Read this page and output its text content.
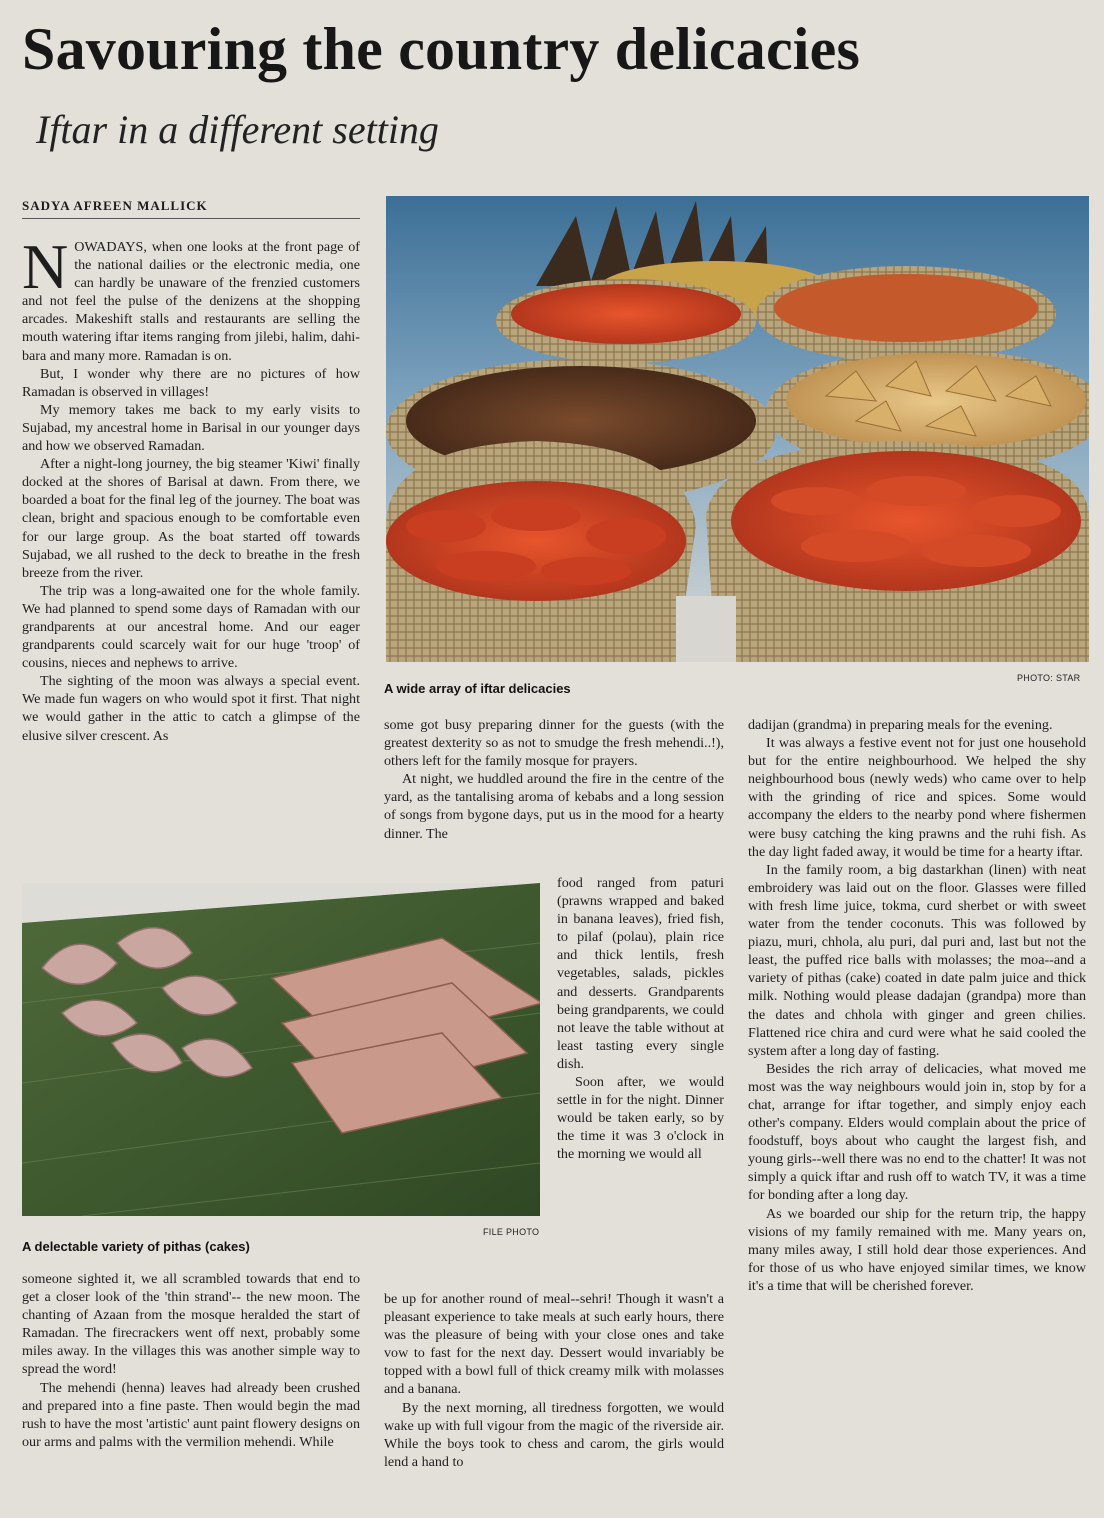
Savouring the country delicacies
Iftar in a different setting
SADYA AFREEN MALLICK
A wide array of iftar delicacies
PHOTO: STAR
A delectable variety of pithas (cakes)
FILE PHOTO

NOWADAYS, when one looks at the front page of the national dailies or the electronic media, one can hardly be unaware of the frenzied customers and not feel the pulse of the denizens at the shopping arcades. Makeshift stalls and restaurants are selling the mouth watering iftar items ranging from jilebi, halim, dahi-bara and many more. Ramadan is on.

But, I wonder why there are no pictures of how Ramadan is observed in villages!

My memory takes me back to my early visits to Sujabad, my ancestral home in Barisal in our younger days and how we observed Ramadan.

After a night-long journey, the big steamer 'Kiwi' finally docked at the shores of Barisal at dawn. From there, we boarded a boat for the final leg of the journey. The boat was clean, bright and spacious enough to be comfortable even for our large group. As the boat started off towards Sujabad, we all rushed to the deck to breathe in the fresh breeze from the river.

The trip was a long-awaited one for the whole family. We had planned to spend some days of Ramadan with our grandparents at our ancestral home. And our eager grandparents could scarcely wait for our huge 'troop' of cousins, nieces and nephews to arrive.

The sighting of the moon was always a special event. We made fun wagers on who would spot it first. That night we would gather in the attic to catch a glimpse of the elusive silver crescent. As

someone sighted it, we all scrambled towards that end to get a closer look of the 'thin strand'-- the new moon. The chanting of Azaan from the mosque heralded the start of Ramadan. The firecrackers went off next, probably some miles away. In the villages this was another simple way to spread the word!

The mehendi (henna) leaves had already been crushed and prepared into a fine paste. Then would begin the mad rush to have the most 'artistic' aunt paint flowery designs on our arms and palms with the vermilion mehendi. While

some got busy preparing dinner for the guests (with the greatest dexterity so as not to smudge the fresh mehendi..!), others left for the family mosque for prayers.

At night, we huddled around the fire in the centre of the yard, as the tantalising aroma of kebabs and a long session of songs from bygone days, put us in the mood for a hearty dinner. The

food ranged from paturi (prawns wrapped and baked in banana leaves), fried fish, to pilaf (polau), plain rice and thick lentils, fresh vegetables, salads, pickles and desserts. Grandparents being grandparents, we could not leave the table without at least tasting every single dish.

Soon after, we would settle in for the night. Dinner would be taken early, so by the time it was 3 o'clock in the morning we would all

be up for another round of meal--sehri! Though it wasn't a pleasant experience to take meals at such early hours, there was the pleasure of being with your close ones and take vow to fast for the next day. Dessert would invariably be topped with a bowl full of thick creamy milk with molasses and a banana.

By the next morning, all tiredness forgotten, we would wake up with full vigour from the magic of the riverside air. While the boys took to chess and carom, the girls would lend a hand to

dadijan (grandma) in preparing meals for the evening.

It was always a festive event not for just one household but for the entire neighbourhood. We helped the shy neighbourhood bous (newly weds) who came over to help with the grinding of rice and spices. Some would accompany the elders to the nearby pond where fishermen were busy catching the king prawns and the ruhi fish. As the day light faded away, it would be time for a hearty iftar.

In the family room, a big dastarkhan (linen) with neat embroidery was laid out on the floor. Glasses were filled with fresh lime juice, tokma, curd sherbet or with sweet water from the tender coconuts. This was followed by piazu, muri, chhola, alu puri, dal puri and, last but not the least, the puffed rice balls with molasses; the moa--and a variety of pithas (cake) coated in date palm juice and thick milk. Nothing would please dadajan (grandpa) more than the dates and chhola with ginger and green chilies. Flattened rice chira and curd were what he said cooled the system after a long day of fasting.

Besides the rich array of delicacies, what moved me most was the way neighbours would join in, stop by for a chat, arrange for iftar together, and simply enjoy each other's company. Elders would complain about the price of foodstuff, boys about who caught the largest fish, and young girls--well there was no end to the chatter! It was not simply a quick iftar and rush off to watch TV, it was a time for bonding after a long day.

As we boarded our ship for the return trip, the happy visions of my family remained with me. Many years on, many miles away, I still hold dear those experiences. And for those of us who have enjoyed similar times, we know it's a time that will be cherished forever.
